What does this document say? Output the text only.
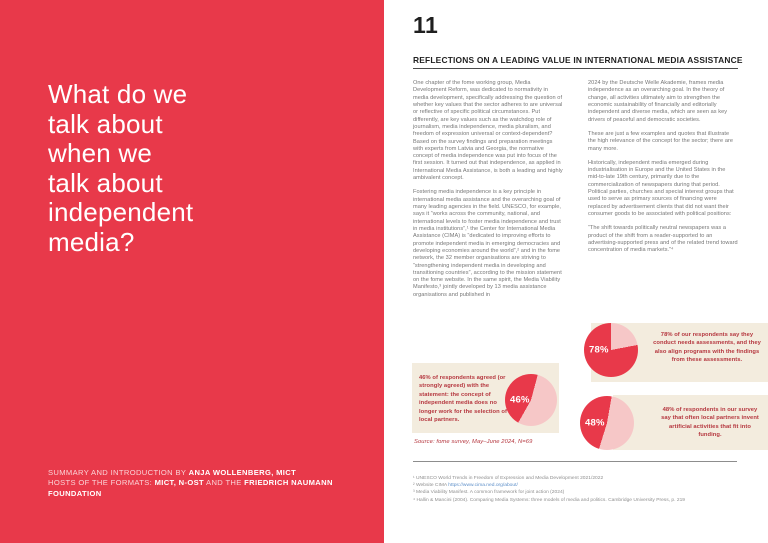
What do we
talk about
when we
talk about
independent
media?
SUMMARY AND INTRODUCTION BY ANJA WOLLENBERG, MICT
HOSTS OF THE FORMATS: MICT, N-OST AND THE FRIEDRICH NAUMANN
FOUNDATION
11
REFLECTIONS ON A LEADING VALUE IN INTERNATIONAL MEDIA ASSISTANCE

One chapter of the fome working group, Media Development Reform, was dedicated to normativity in media development, specifically addressing the question of whether key values that the sector adheres to are universal or reflective of specific political circumstances. Put differently, are key values such as the watchdog role of journalism, media independence, media pluralism, and freedom of expression universal or context-dependent? Based on the survey findings and preparation meetings with experts from Latvia and Georgia, the normative concept of media independence was put into focus of the first session. It turned out that independence, as applied in International Media Assistance, is both a leading and highly ambivalent concept.

Fostering media independence is a key principle in international media assistance and the overarching goal of many leading agencies in the field. UNESCO, for example, says it “works across the community, national, and international levels to foster media independence and trust in media institutions”,¹ the Center for International Media Assistance (CIMA) is “dedicated to improving efforts to promote independent media in emerging democracies and developing economies around the world”,² and in the fome network, the 32 member organisations are striving to “strengthening independent media in developing and transitioning countries”, according to the mission statement on the fome website. In the same spirit, the Media Viability Manifesto,³ jointly developed by 13 media assistance organisations and published in

2024 by the Deutsche Welle Akademie, frames media independence as an overarching goal. In the theory of change, all activities ultimately aim to strengthen the economic sustainability of financially and editorially independent and diverse media, which are seen as key drivers of peaceful and democratic societies.

These are just a few examples and quotes that illustrate the high relevance of the concept for the sector; there are many more.

Historically, independent media emerged during industrialisation in Europe and the United States in the mid-to-late 19th century, primarily due to the commercialization of newspapers during that period. Political parties, churches and special interest groups that used to serve as primary sources of financing were replaced by advertisement clients that did not want their consumer goods to be associated with political positions:

“The shift towards politically neutral newspapers was a product of the shift from a reader-supported to an advertising-supported press and of the related trend toward concentration of media markets.”⁴

78% of our respondents say they conduct needs assessments, and they also align programs with the findings from these assessments.
78%
46% of respondents agreed (or strongly agreed) with the statement: the concept of independent media does no longer work for the selection of local partners.
46%
48% of respondents in our survey say that often local partners invent artificial activities that fit into funding.
48%
Source: fome survey, May–June 2024, N=69
¹ UNESCO World Trends in Freedom of Expression and Media Development 2021/2022
² Website CIMA https://www.cima.ned.org/about/
³ Media Viability Manifest. A common framework for joint action (2024)
⁴ Hallin & Mancini (2004). Comparing Media Systems: three models of media and politics. Cambridge University Press, p. 219
